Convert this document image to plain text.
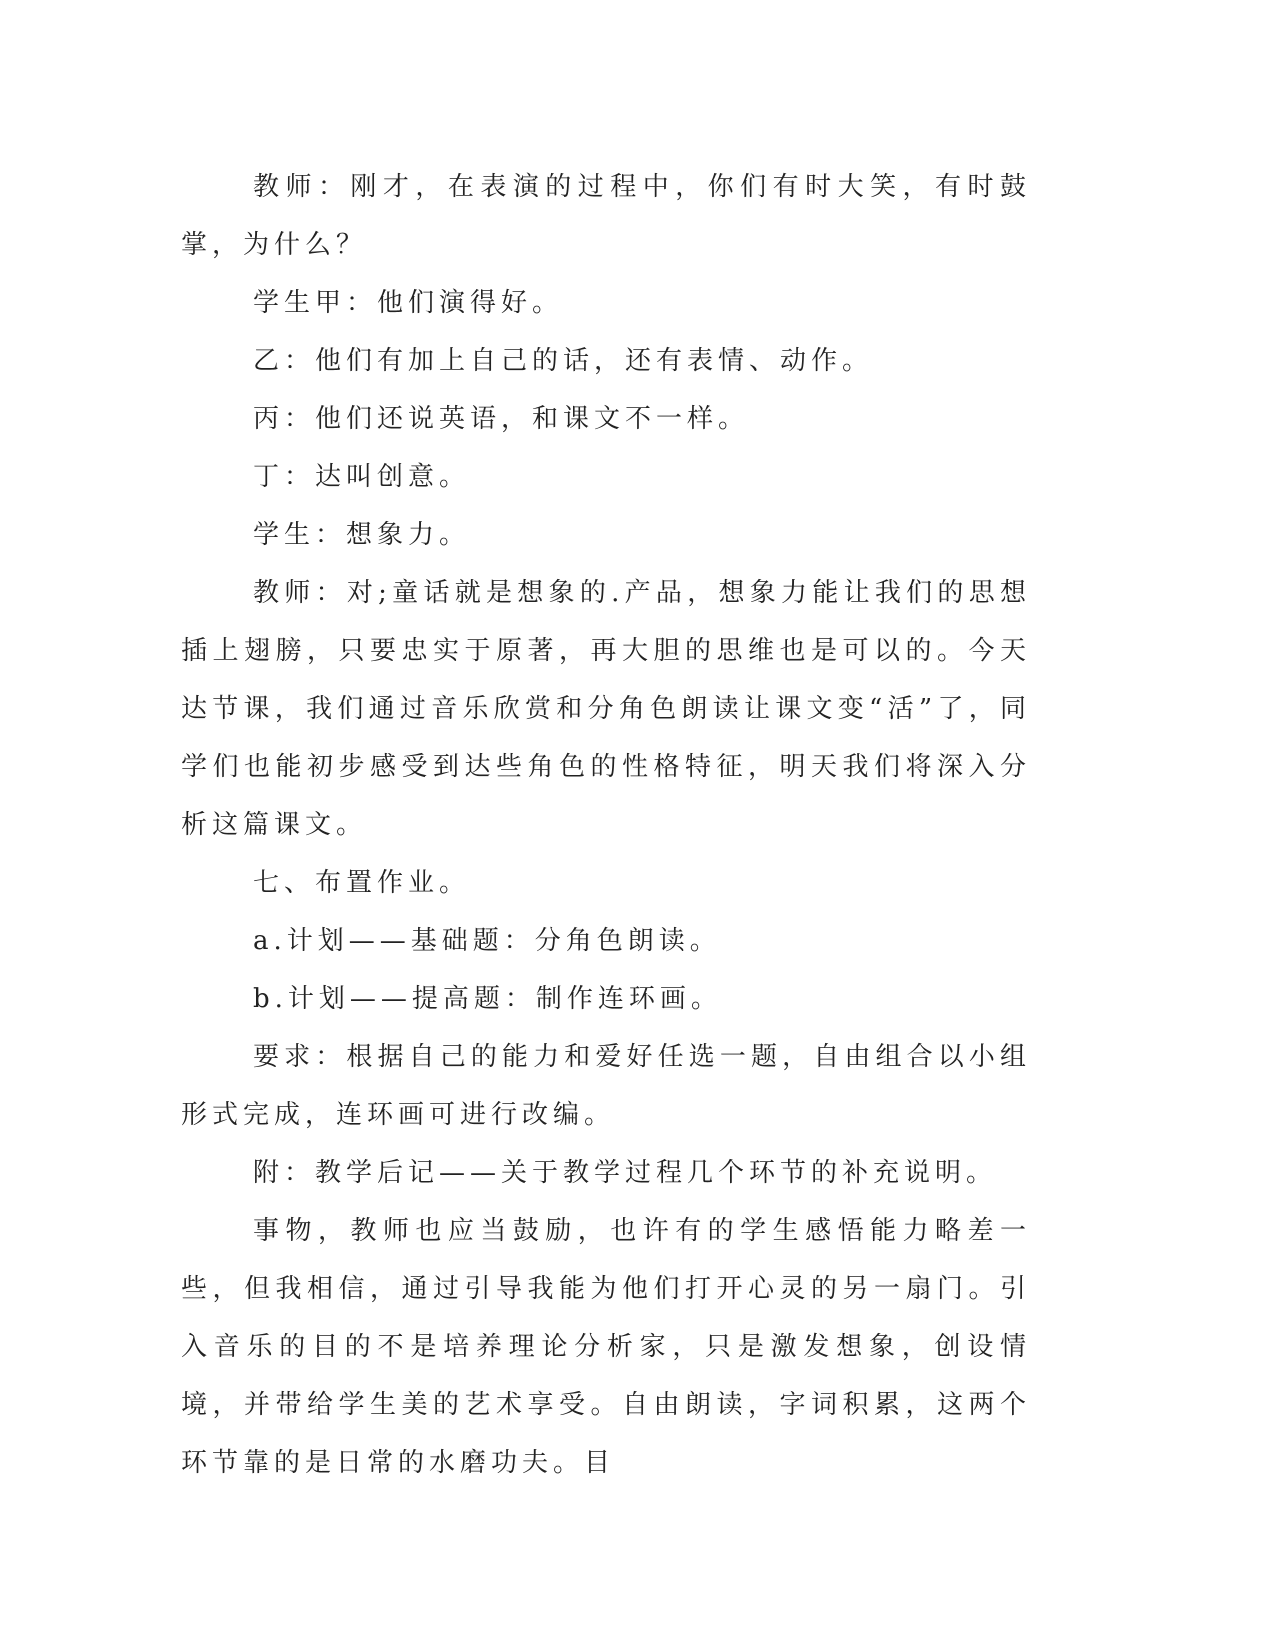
教师：刚才，在表演的过程中，你们有时大笑，有时鼓掌，为什么？

学生甲：他们演得好。

乙：他们有加上自己的话，还有表情、动作。

丙：他们还说英语，和课文不一样。

丁：达叫创意。

学生：想象力。

教师：对;童话就是想象的.产品，想象力能让我们的思想插上翅膀，只要忠实于原著，再大胆的思维也是可以的。今天达节课，我们通过音乐欣赏和分角色朗读让课文变“活”了，同学们也能初步感受到达些角色的性格特征，明天我们将深入分析这篇课文。

七、布置作业。

a.计划——基础题：分角色朗读。

b.计划——提高题：制作连环画。

要求：根据自己的能力和爱好任选一题，自由组合以小组形式完成，连环画可进行改编。

附：教学后记——关于教学过程几个环节的补充说明。

事物，教师也应当鼓励，也许有的学生感悟能力略差一些，但我相信，通过引导我能为他们打开心灵的另一扇门。引入音乐的目的不是培养理论分析家，只是激发想象，创设情境，并带给学生美的艺术享受。自由朗读，字词积累，这两个环节靠的是日常的水磨功夫。目
